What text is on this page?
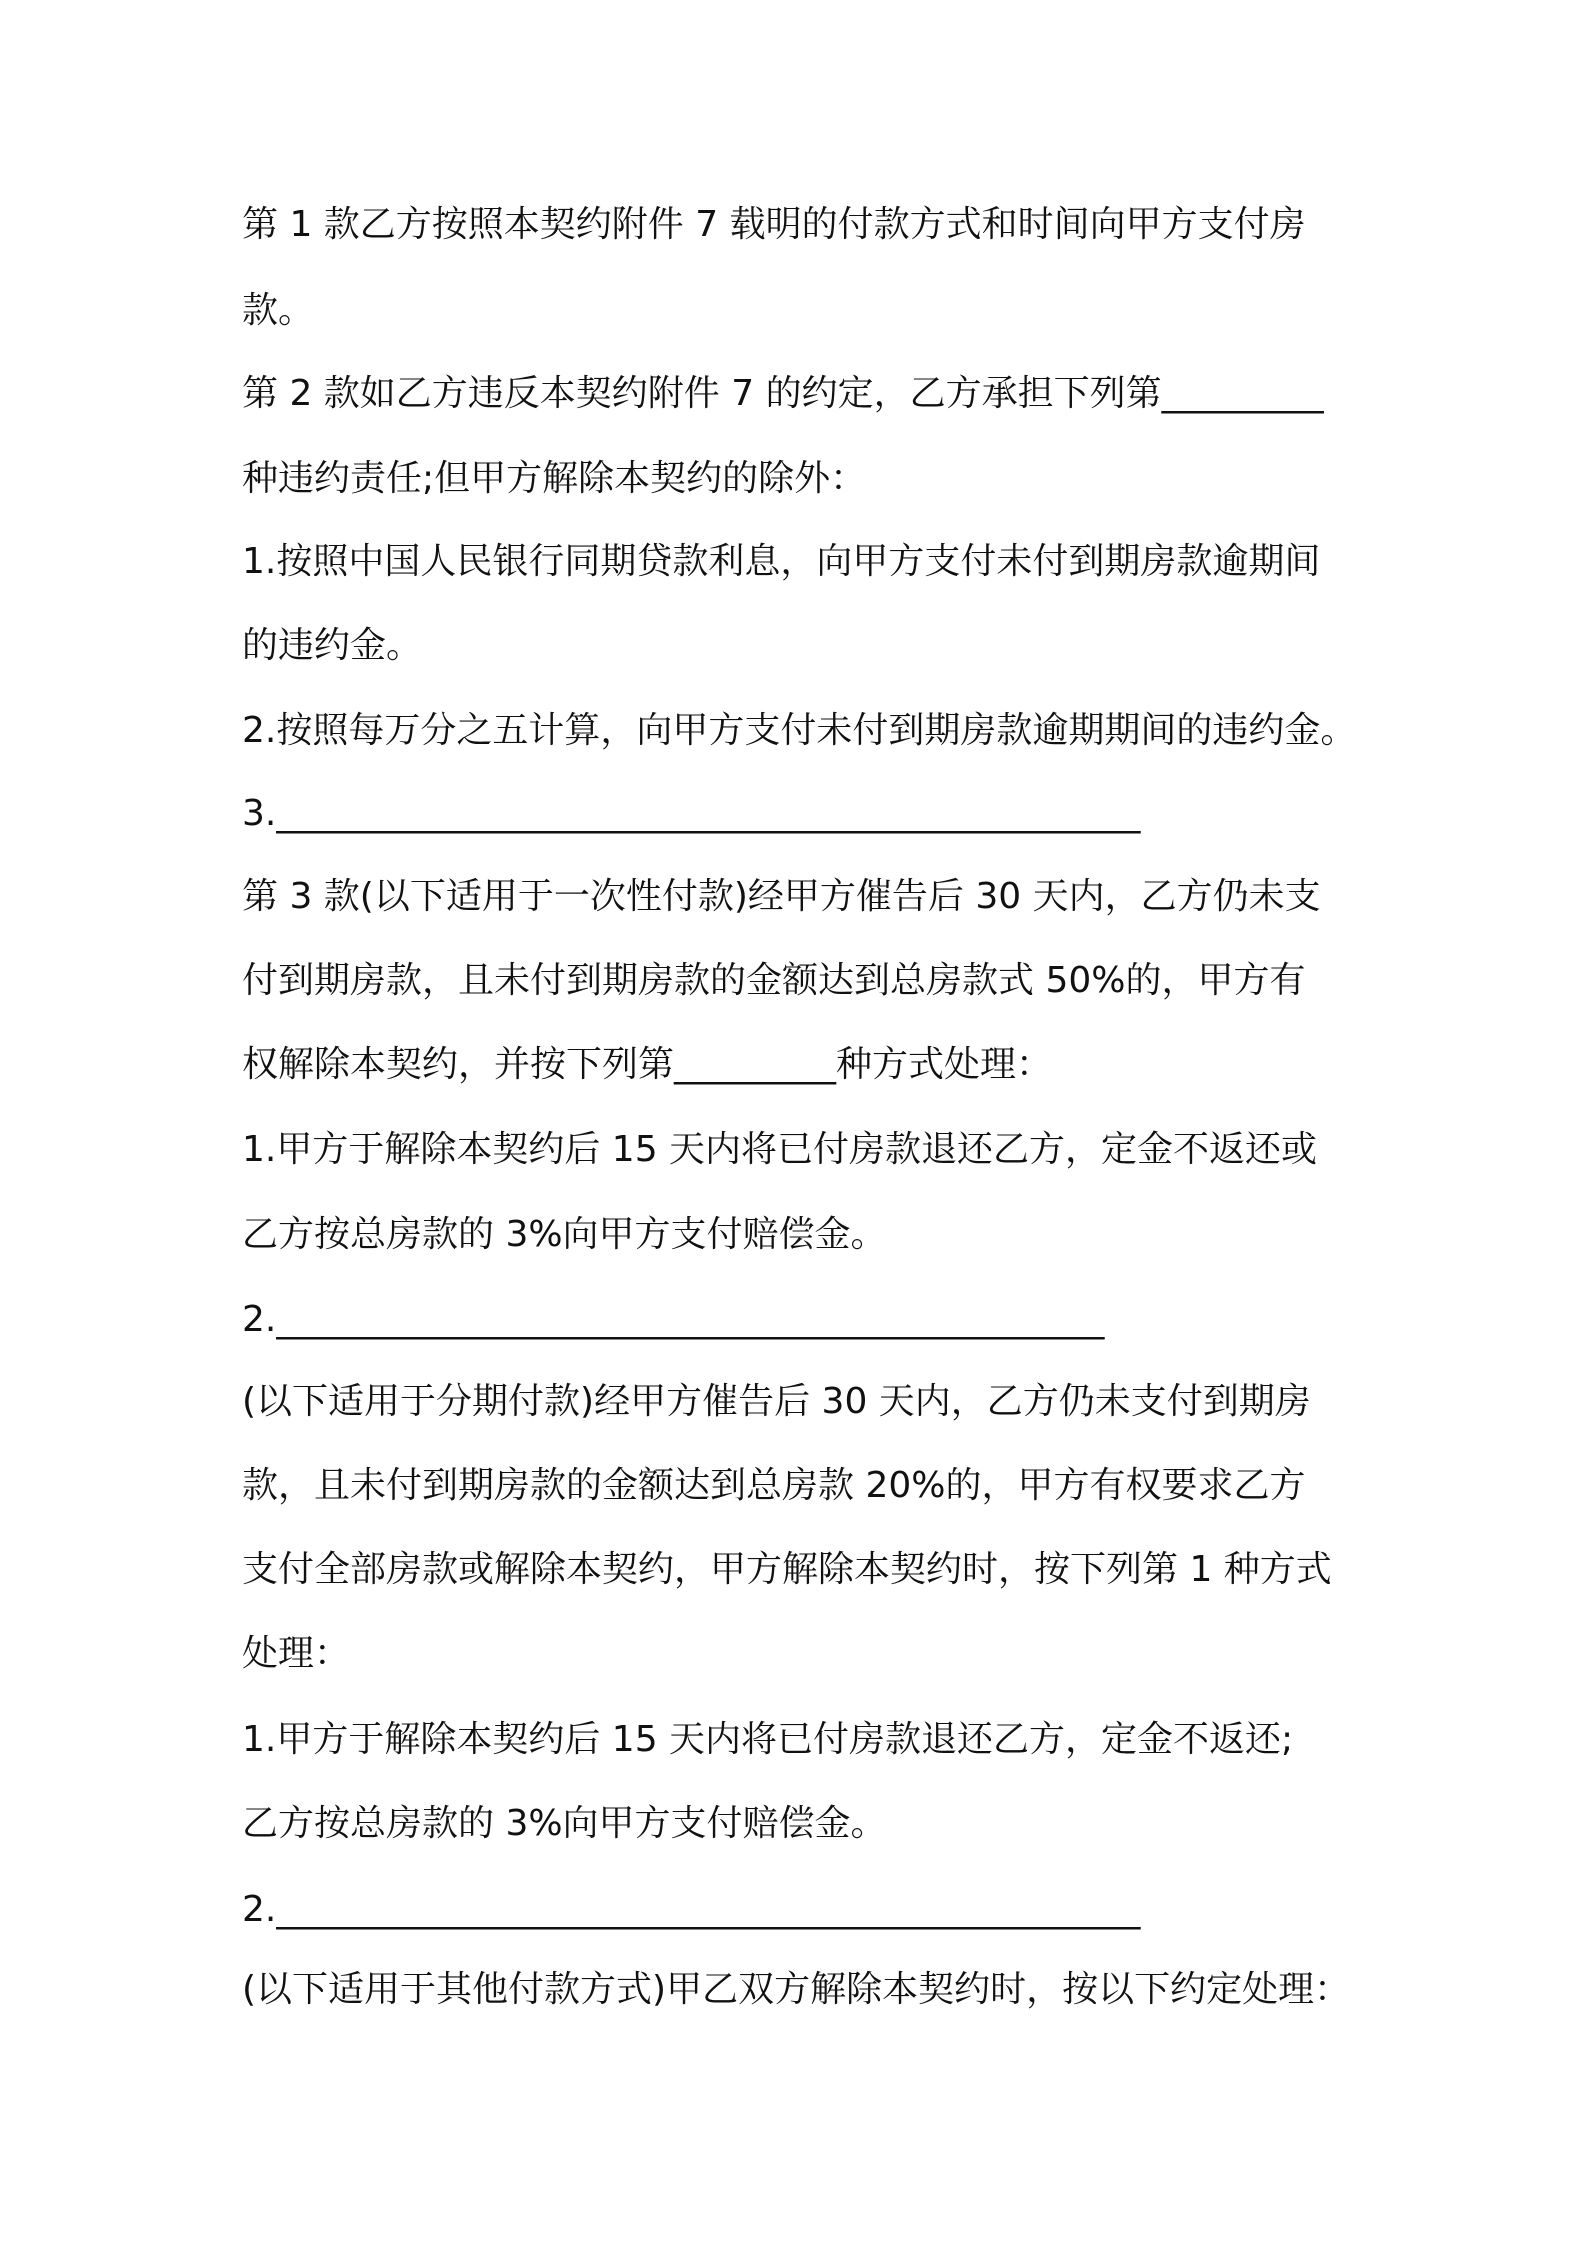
第 1 款乙方按照本契约附件 7 载明的付款方式和时间向甲方支付房
款。
第 2 款如乙方违反本契约附件 7 的约定，乙方承担下列第_________
种违约责任;但甲方解除本契约的除外：
1.按照中国人民银行同期贷款利息，向甲方支付未付到期房款逾期间
的违约金。
2.按照每万分之五计算，向甲方支付未付到期房款逾期期间的违约金。
3.________________________________________________
第 3 款(以下适用于一次性付款)经甲方催告后 30 天内，乙方仍未支
付到期房款，且未付到期房款的金额达到总房款式 50%的，甲方有
权解除本契约，并按下列第_________种方式处理：
1.甲方于解除本契约后 15 天内将已付房款退还乙方，定金不返还或
乙方按总房款的 3%向甲方支付赔偿金。
2.______________________________________________
(以下适用于分期付款)经甲方催告后 30 天内，乙方仍未支付到期房
款，且未付到期房款的金额达到总房款 20%的，甲方有权要求乙方
支付全部房款或解除本契约，甲方解除本契约时，按下列第 1 种方式
处理：
1.甲方于解除本契约后 15 天内将已付房款退还乙方，定金不返还;
乙方按总房款的 3%向甲方支付赔偿金。
2.________________________________________________
(以下适用于其他付款方式)甲乙双方解除本契约时，按以下约定处理：
